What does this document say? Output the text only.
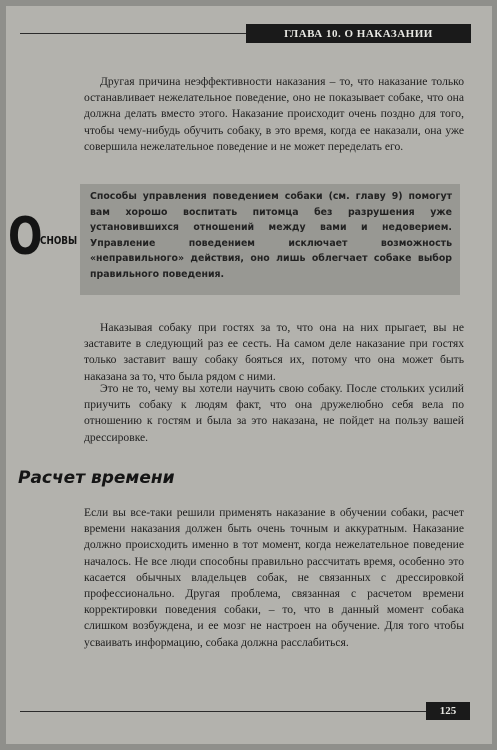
ГЛАВА 10. О НАКАЗАНИИ

Другая причина неэффективности наказания – то, что наказание только останавливает нежелательное поведение, оно не показывает собаке, что она должна делать вместо этого. Наказание происходит очень поздно для того, чтобы чему-нибудь обучить собаку, в это время, когда ее наказали, она уже совершила нежелательное поведение и не может переделать его.

О
СНОВЫ

Способы управления поведением собаки (см. главу 9) помогут вам хорошо воспитать питомца без разрушения уже установившихся отношений между вами и недоверием. Управление поведением исключает возможность «неправильного» действия, оно лишь облегчает собаке выбор правильного поведения.

Наказывая собаку при гостях за то, что она на них прыгает, вы не заставите в следующий раз ее сесть. На самом деле наказание при гостях только заставит вашу собаку бояться их, потому что она может быть наказана за то, что была рядом с ними.

Это не то, чему вы хотели научить свою собаку. После стольких усилий приучить собаку к людям факт, что она дружелюбно себя вела по отношению к гостям и была за это наказана, не пойдет на пользу вашей дрессировке.

Расчет времени

Если вы все-таки решили применять наказание в обучении собаки, расчет времени наказания должен быть очень точным и аккуратным. Наказание должно происходить именно в тот момент, когда нежелательное поведение началось. Не все люди способны правильно рассчитать время, особенно это касается обычных владельцев собак, не связанных с дрессировкой профессионально. Другая проблема, связанная с расчетом времени корректировки поведения собаки, – то, что в данный момент собака слишком возбуждена, и ее мозг не настроен на обучение. Для того чтобы усваивать информацию, собака должна расслабиться.

125
